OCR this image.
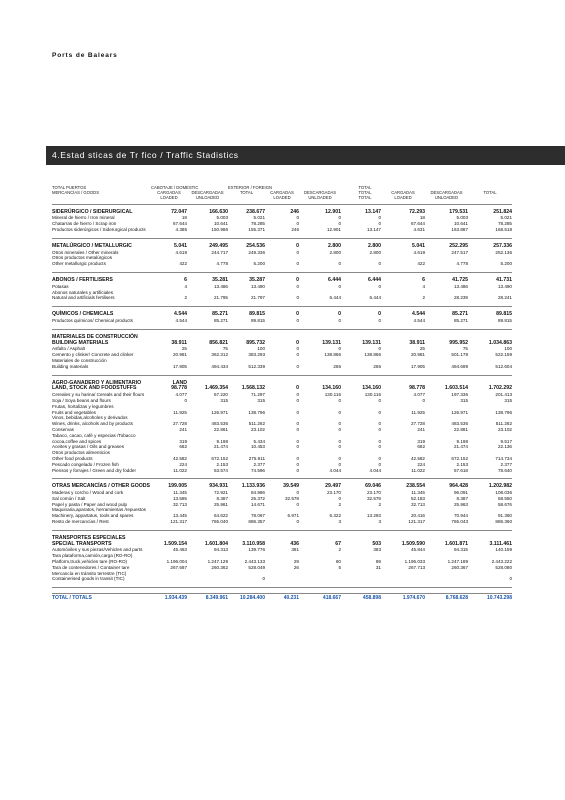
Ports de Balears
4.Estad sticas de Tr fico / Traffic Stadistics
TOTAL PUERTOS	CABOTAJE / DOMESTIC		EXTERIOR / FOREIGN				TOTAL			
MERCANCÍAS / GOODS	CARGADAS	DESCARGADAS	TOTAL	CARGADAS	DESCARGADAS		TOTAL	CARGADAS	DESCARGADAS	TOTAL
	LOADED	UNLOADED		LOADED	UNLOADED		TOTAL	LOADED	UNLOADED	

SIDERÚRGICO / SIDERURGICAL	72.047	166.630	238.677	246	12.901		13.147	72.293	179.531	251.824
Mineral de hierro / Iron mineral	18	5.003	5.021	0	0		0	18	5.003	5.021
Chatarras de hierro / Scrap iron	67.644	10.641	78.285	0	0		0	67.644	10.641	78.285
Productos siderúrgicos / Siderurgical products	4.385	150.986	155.371	246	12.901		13.147	4.631	163.887	168.518

METALÚRGICO / METALLURGIC	5.041	249.495	254.536	0	2.800		2.800	5.041	252.295	257.336
Otros minerales / Other minerals	4.619	244.717	249.336	0	2.800		2.800	4.619	247.517	252.136
Otros productos metalúrgicos										
Other metallurgic products	422	4.778	5.200	0	0		0	422	4.778	5.200

ABONOS / FERTILISERS	6	35.281	35.287	0	6.444		6.444	6	41.725	41.731
Potasas	4	13.486	13.490	0	0		0	4	13.486	13.490
Abonos naturales y artificiales										
Natural and artificials fertilisers	2	21.795	21.797	0	6.444		6.444	2	28.239	28.241

QUÍMICOS / CHEMICALS	4.544	85.271	89.815	0	0		0	4.544	85.271	89.815
Productos químicos/ Chemical products	4.544	85.271	89.815	0	0		0	4.544	85.271	89.815

MATERIALES DE CONSTRUCCIÓN										
BUILDING MATERIALS	38.911	856.821	895.732	0	139.131		139.131	38.911	995.952	1.034.863
Asfalto / Asphalt	25	75	100	0	0		0	25	75	100
Cemento y clinker/ Concrete and clinker	20.981	362.312	383.293	0	138.866		138.866	20.981	501.178	522.159
Materiales de construcción										
Building materials	17.905	494.434	512.339	0	265		265	17.905	494.699	512.604

AGRO-GANADERO Y ALIMENTARIO	LAND									
LAND, STOCK AND FOODSTUFFS	98.778	1.469.354	1.568.132	0	134.160		134.160	98.778	1.603.514	1.702.292
Cereales y su harina/ Cereals and their flours	4.077	67.220	71.297	0	130.116		130.116	4.077	197.336	201.413
Soja / Soya beans and flours	0	315	315	0	0		0	0	315	315
Frutas, hortalizas y legumbres										
Fruits and vegetables	11.925	126.971	138.796	0	0		0	11.925	126.971	138.796
Vinos, bebidas,alcoholes y derivados										
Wines, drinks, alcohols and by products	27.728	483.536	511.262	0	0		0	27.728	483.536	511.262
Conservas	241	22.861	23.102	0	0		0	241	22.881	23.102
Tabaco, cacao, café y especias /Tobacco										
cocoa,coffee and spices	319	9.198	5.434	0	0		0	319	9.198	9.517
Aceites y grasas / Oils and greases	682	21.474	10.453	0	0		0	682	21.474	22.136
Otros productos alimenticios										
Other food products	42.582	672.152	275.911	0	0		0	42.582	672.152	714.734
Pescado congelado / Frozen fish	224	2.153	2.377	0	0		0	224	2.153	2.377
Piensos y forrajes / Green and dry fodder	11.022	63.574	74.596	0	4.044		4.044	11.022	67.618	78.640

OTRAS MERCANCÍAS / OTHER GOODS	199.005	934.931	1.133.936	39.549	29.497		69.046	238.554	964.428	1.202.982
Maderas y corcho / Wood and cork	11.345	72.921	84.986	0	23.170		23.170	11.345	96.091	108.036
Sal común / Salt	13.585	8.387	25.372	32.578	0		32.578	52.183	8.387	58.550
Papel y pasta / Paper and wood pulp	32.713	25.961	14.671	0	2		2	32.713	25.963	58.676
Maquinaria,aparatos, herramientas /repuestos										
Machinery, appartatus, tools and spares	13.445	64.622	78.067	6.971	6.322		13.293	20.416	70.944	91.360
Resto de mercancías / Rest	121.317	765.040	886.357	0	3		3	121.317	765.043	886.360

TRANSPORTES ESPECIALES										
SPECIAL TRANSPORTS	1.509.154	1.601.804	3.110.958	436	67		503	1.509.590	1.601.871	3.111.461
Automóviles y sus piezas/Vehicles and parts	45.463	94.313	139.776	381	2		383	45.844	94.315	140.159
Tara plataforma,camión,carga (RO-RO)										
Platform,truck,vehicles tare (RO-RO)	1.196.004	1.247.129	2.443.133	29	60		89	1.196.033	1.247.189	2.443.222
Tara de contenedores / Container tare	267.687	260.362	528.049	26	5		31	267.713	260.367	528.080
Mercancía en tránsito terrestre (TIC)										
Containerised goods in transit (TIC)			0							0

TOTAL / TOTALS	1.934.439	8.349.961	10.284.400	40.231	418.667		458.898	1.974.670	8.768.628	10.743.298
